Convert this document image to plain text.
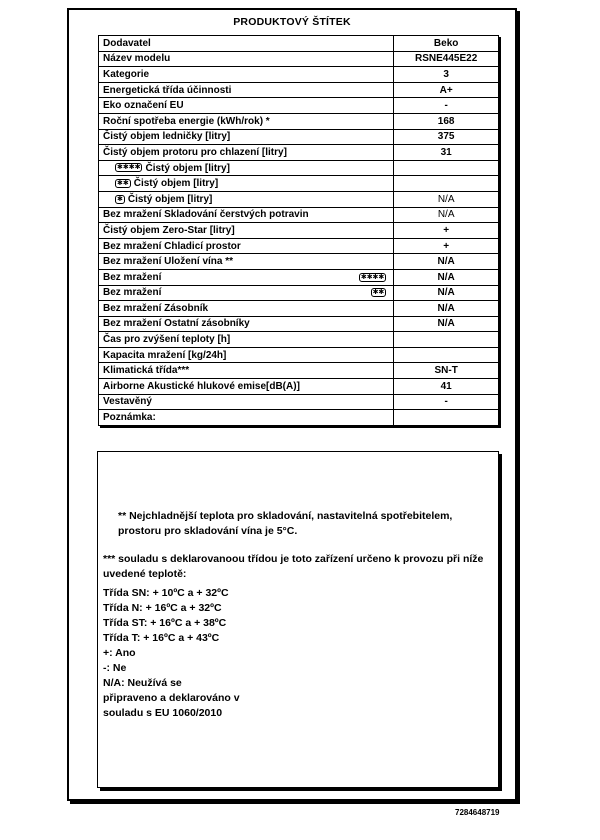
PRODUKTOVÝ ŠTÍTEK
Dodavatel	Beko
Název modelu	RSNE445E22
Kategorie	3
Energetická třída účinnosti	A+
Eko označení EU	-
Roční spotřeba energie (kWh/rok) *	168
Čistý objem ledničky [litry]	375
Čistý objem protoru pro chlazení [litry]	31
✱✱✱✱ Čistý objem [litry]	
✱✱ Čistý objem [litry]	
✱ Čistý objem [litry]	N/A
Bez mražení Skladování čerstvých potravin	N/A
Čistý objem Zero-Star [litry]	+
Bez mražení Chladicí prostor	+
Bez mražení Uložení vína **	N/A

Bez mražení ✱✱✱✱	N/A

Bez mražení ✱✱	N/A
Bez mražení Zásobník	N/A
Bez mražení Ostatní zásobníky	N/A
Čas pro zvýšení teploty [h]	
Kapacita mražení [kg/24h]	
Klimatická třída***	SN-T
Airborne Akustické hlukové emise[dB(A)]	41
Vestavěný	-
Poznámka:	
** Nejchladnější teplota pro skladování, nastavitelná spotřebitelem, prostoru pro skladování vína je 5°C.
*** souladu s deklarovanoou třídou je toto zařízení určeno k provozu při níže uvedené teplotě:
Třída SN: + 10ºC a + 32ºC
Třída N: + 16ºC a + 32ºC
Třída ST: + 16ºC a + 38ºC
Třída T: + 16ºC a + 43ºC
+: Ano
-: Ne
N/A: Neužívá se
připraveno a deklarováno v
souladu s EU 1060/2010
7284648719
